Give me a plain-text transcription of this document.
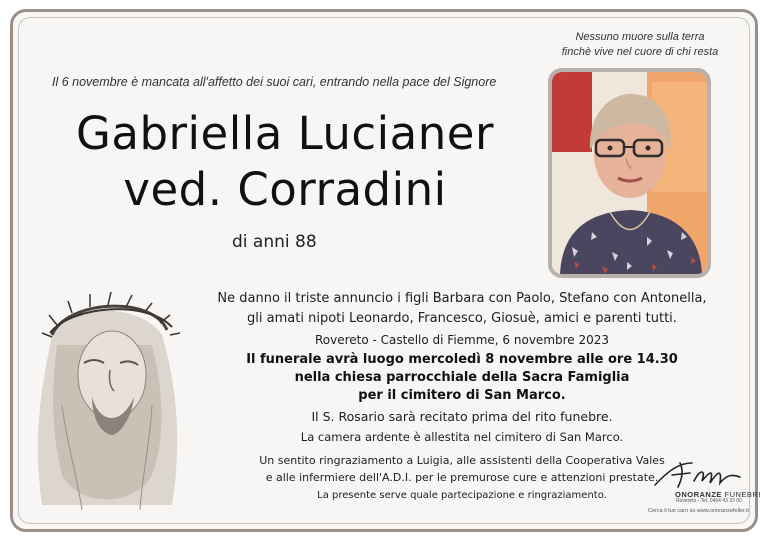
Nessuno muore sulla terra
finchè vive nel cuore di chi resta
Il 6 novembre è mancata all'affetto dei suoi cari, entrando nella pace del Signore
Gabriella Lucianer
ved. Corradini
di anni 88
Ne danno il triste annuncio i figli Barbara con Paolo, Stefano con Antonella,
gli amati nipoti Leonardo, Francesco, Giosuè, amici e parenti tutti.
Rovereto - Castello di Fiemme, 6 novembre 2023
Il funerale avrà luogo mercoledì 8 novembre alle ore 14.30
nella chiesa parrocchiale della Sacra Famiglia
per il cimitero di San Marco.
Il S. Rosario sarà recitato prima del rito funebre.
La camera ardente è allestita nel cimitero di San Marco.
Un sentito ringraziamento a Luigia, alle assistenti della Cooperativa Vales
e alle infermiere dell'A.D.I. per le premurose cure e attenzioni prestate.
La presente serve quale partecipazione e ringraziamento.	ONORANZE FUNEBRI
Rovereto - Tel. 0464 43 33 00
Cerca il tuo caro su www.onoranzefeller.it
